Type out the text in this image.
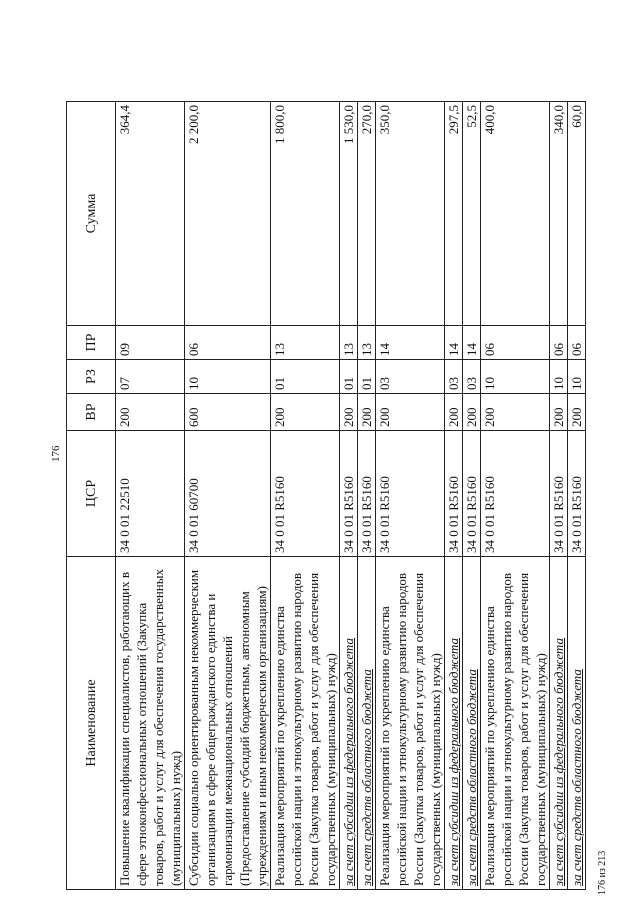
176
Наименование	ЦСР	ВР	РЗ	ПР	Сумма
Повышение квалификации специалистов, работающих в сфере этноконфессиональных отношений (Закупка товаров, работ и услуг для обеспечения государственных (муниципальных) нужд)	34 0 01 22510	200	07	09	364,4
Субсидии социально ориентированным некоммерческим организациям в сфере общегражданского единства и гармонизации межнациональных отношений (Предоставление субсидий бюджетным, автономным учреждениям и иным некоммерческим организациям)	34 0 01 60700	600	10	06	2 200,0
Реализация мероприятий по укреплению единства российской нации и этнокультурному развитию народов России (Закупка товаров, работ и услуг для обеспечения государственных (муниципальных) нужд)	34 0 01 R5160	200	01	13	1 800,0
за счет субсидии из федерального бюджета	34 0 01 R5160	200	01	13	1 530,0
за счет средств областного бюджета	34 0 01 R5160	200	01	13	270,0
Реализация мероприятий по укреплению единства российской нации и этнокультурному развитию народов России (Закупка товаров, работ и услуг для обеспечения государственных (муниципальных) нужд)	34 0 01 R5160	200	03	14	350,0
за счет субсидии из федерального бюджета	34 0 01 R5160	200	03	14	297,5
за счет средств областного бюджета	34 0 01 R5160	200	03	14	52,5
Реализация мероприятий по укреплению единства российской нации и этнокультурному развитию народов России (Закупка товаров, работ и услуг для обеспечения государственных (муниципальных) нужд)	34 0 01 R5160	200	10	06	400,0
за счет субсидии из федерального бюджета	34 0 01 R5160	200	10	06	340,0
за счет средств областного бюджета	34 0 01 R5160	200	10	06	60,0
176 из 213
